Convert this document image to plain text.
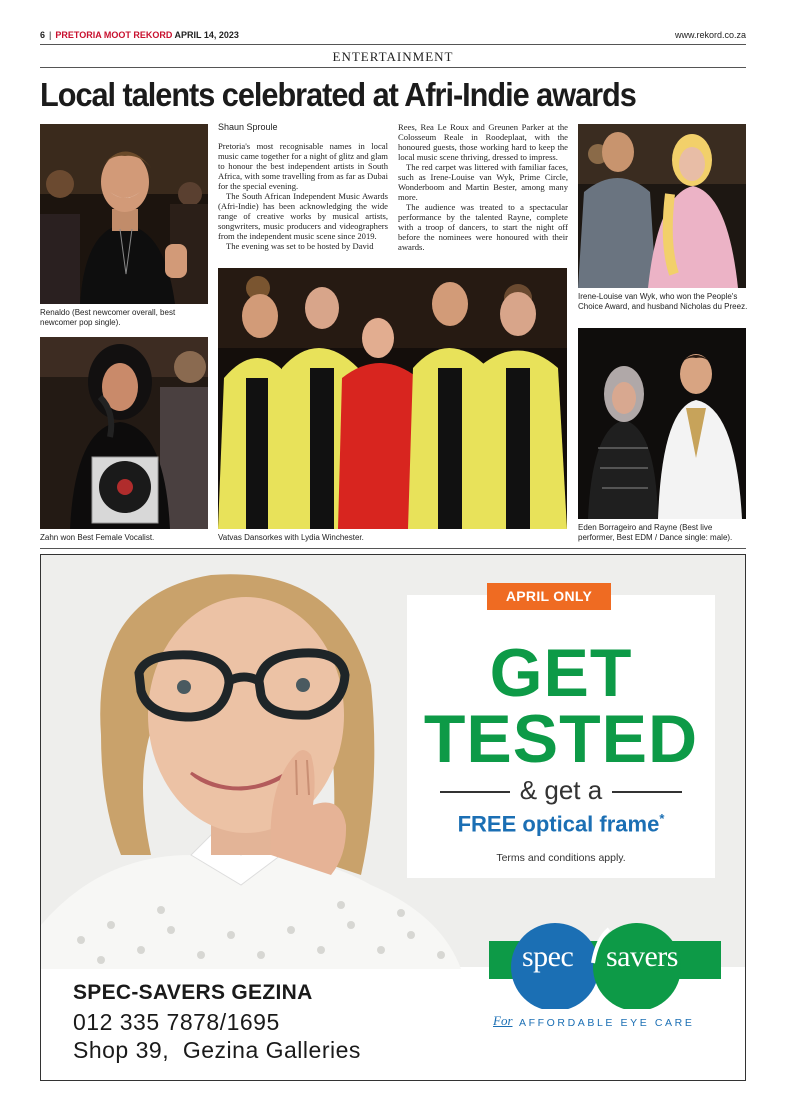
6 | PRETORIA MOOT REKORD APRIL 14, 2023	www.rekord.co.za
ENTERTAINMENT
Local talents celebrated at Afri-Indie awards
Renaldo (Best newcomer overall, best newcomer pop single).
Zahn won Best Female Vocalist.
Shaun Sproule

Pretoria's most recognisable names in local music came together for a night of glitz and glam to honour the best independent artists in South Africa, with some travelling from as far as Dubai for the special evening.

The South African Independent Music Awards (Afri-Indie) has been acknowledging the wide range of creative works by musical artists, songwriters, music producers and videographers from the independent music scene since 2019.

The evening was set to be hosted by David

Rees, Rea Le Roux and Greunen Parker at the Colosseum Reale in Roodeplaat, with the honoured guests, those working hard to keep the local music scene thriving, dressed to impress.

The red carpet was littered with familiar faces, such as Irene-Louise van Wyk, Prime Circle, Wonderboom and Martin Bester, among many more.

The audience was treated to a spectacular performance by the talented Rayne, complete with a troop of dancers, to start the night off before the nominees were honoured with their awards.

Vatvas Dansorkes with Lydia Winchester.
Irene-Louise van Wyk, who won the People's Choice Award, and husband Nicholas du Preez.
Eden Borrageiro and Rayne (Best live performer, Best EDM / Dance single: male).
APRIL ONLY
GET
TESTED
& get a
FREE optical frame*
Terms and conditions apply.
spec savers
For AFFORDABLE EYE CARE
SPEC-SAVERS GEZINA
012 335 7878/1695
Shop 39,  Gezina Galleries
